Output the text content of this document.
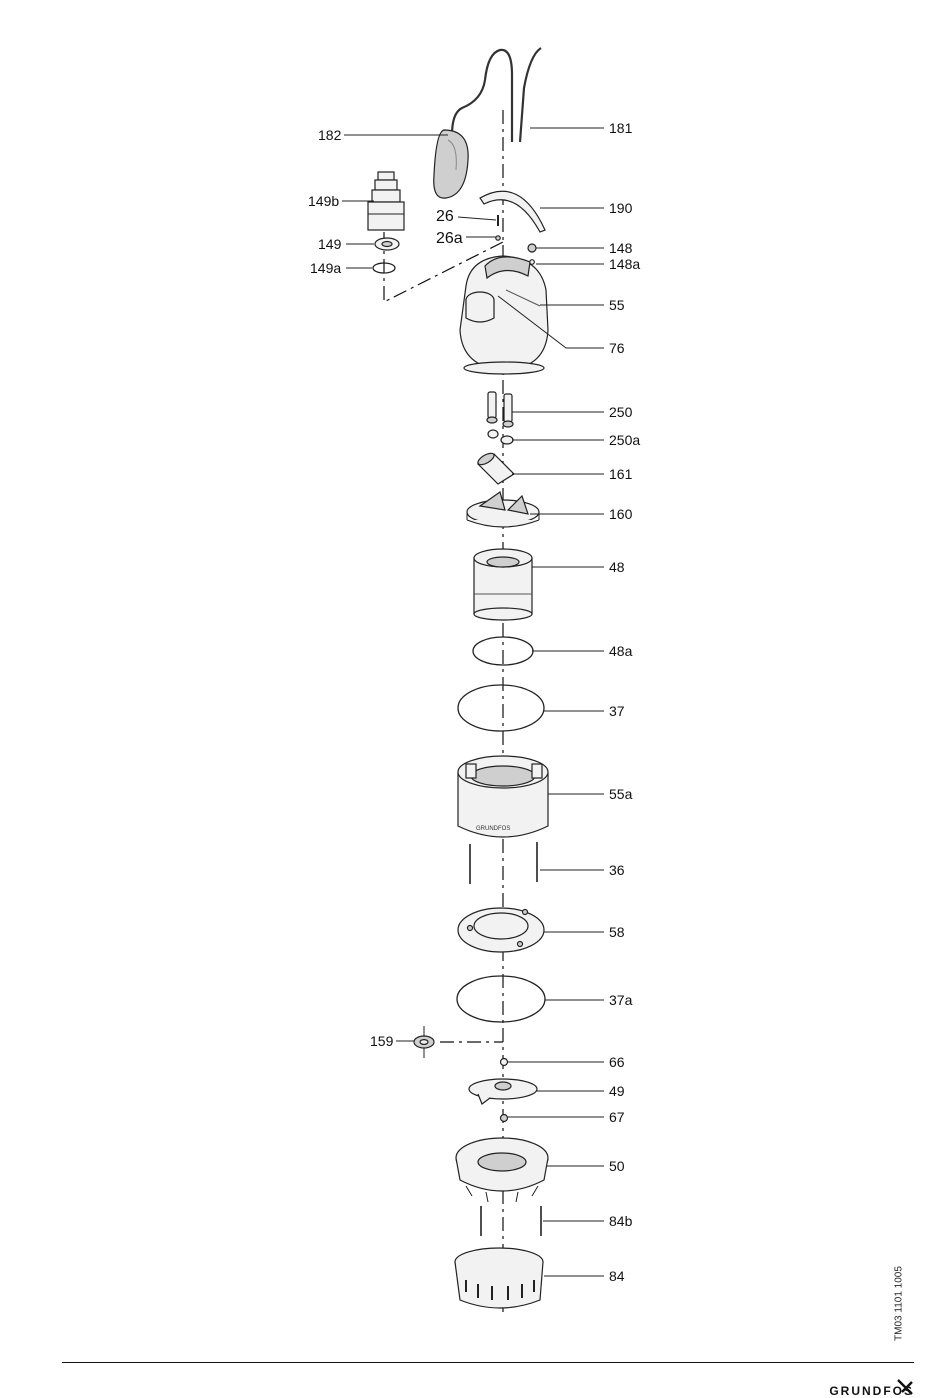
GRUNDFOS
182	181
149b	190
26
26a
149	148
149a	148a
55
76
250
250a
161
160
48
48a
37
55a
36
58
37a
159
66
49
67
50
84b
84	TM03 1101 1005
GRUNDFOS
